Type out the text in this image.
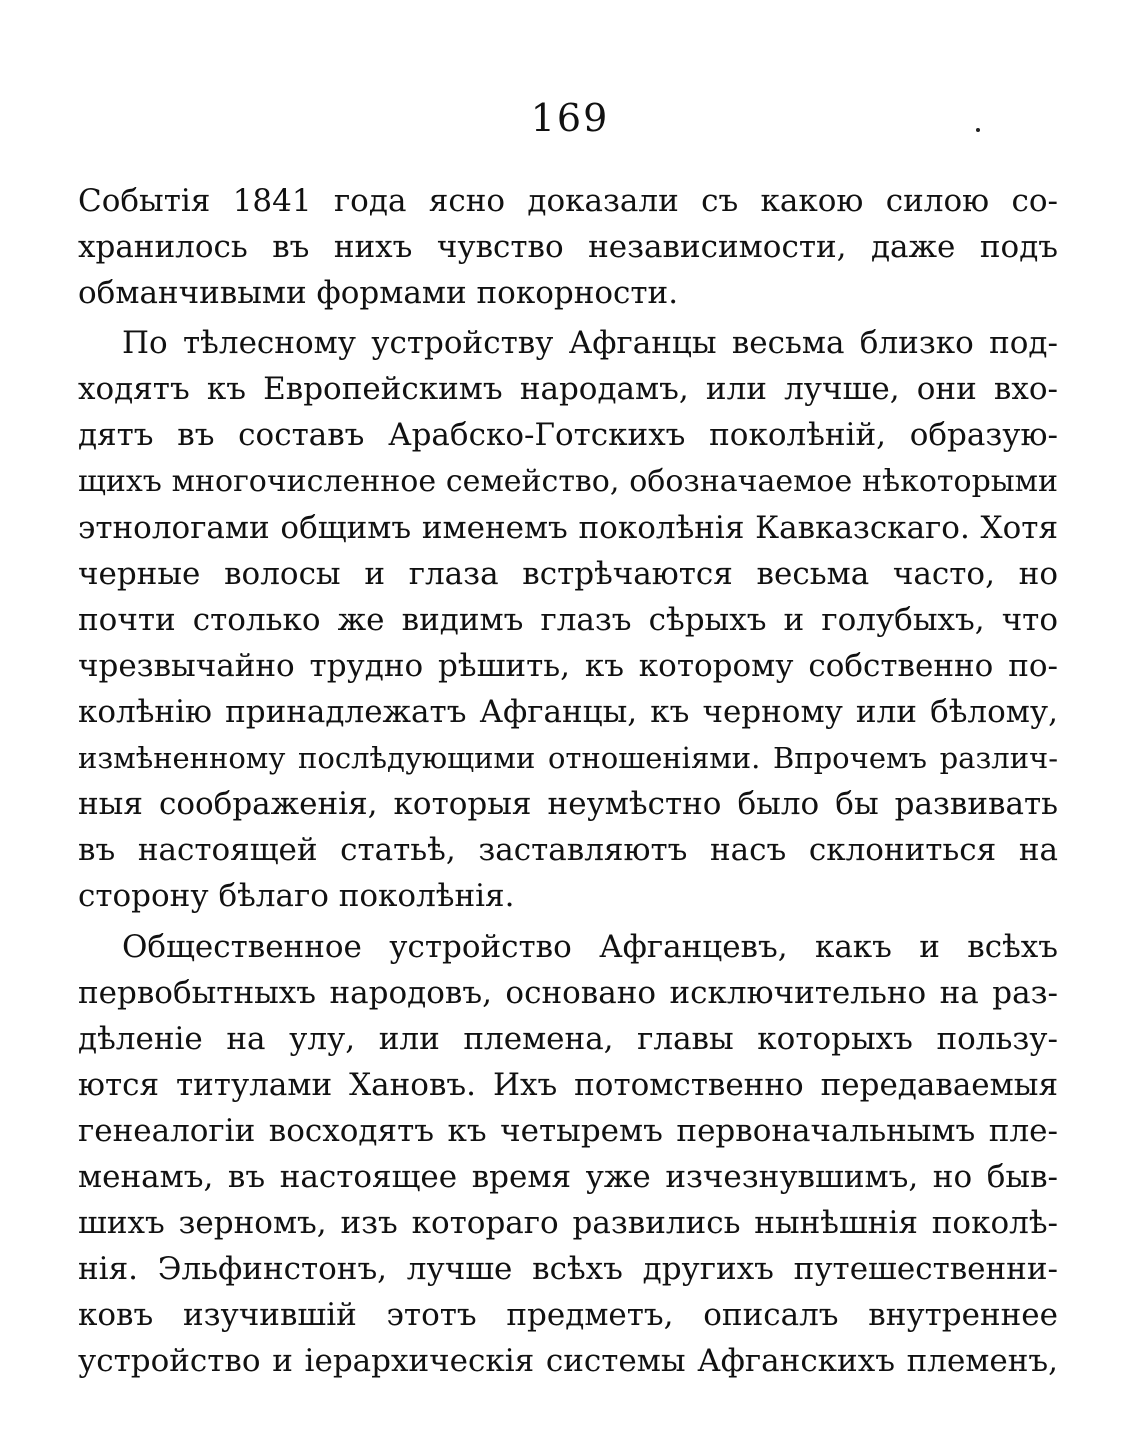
169
Событія 1841 года ясно доказали съ какою силою со-
хранилось въ нихъ чувство независимости, даже подъ
обманчивыми формами покорности.
По тѣлесному устройству Афганцы весьма близко под-
ходятъ къ Европейскимъ народамъ, или лучше, они вхо-
дятъ въ составъ Арабско-Готскихъ поколѣній, образую-
щихъ многочисленное семейство, обозначаемое нѣкоторыми
этнологами общимъ именемъ поколѣнія Кавказскаго. Хотя
черные волосы и глаза встрѣчаются весьма часто, но
почти столько же видимъ глазъ сѣрыхъ и голубыхъ, что
чрезвычайно трудно рѣшить, къ которому собственно по-
колѣнію принадлежатъ Афганцы, къ черному или бѣлому,
измѣненному послѣдующими отношеніями. Впрочемъ различ-
ныя соображенія, которыя неумѣстно было бы развивать
въ настоящей статьѣ, заставляютъ насъ склониться на
сторону бѣлаго поколѣнія.
Общественное устройство Афганцевъ, какъ и всѣхъ
первобытныхъ народовъ, основано исключительно на раз-
дѣленіе на улу, или племена, главы которыхъ пользу-
ются титулами Хановъ. Ихъ потомственно передаваемыя
генеалогіи восходятъ къ четыремъ первоначальнымъ пле-
менамъ, въ настоящее время уже изчезнувшимъ, но быв-
шихъ зерномъ, изъ котораго развились нынѣшнія поколѣ-
нія. Эльфинстонъ, лучше всѣхъ другихъ путешественни-
ковъ изучившій этотъ предметъ, описалъ внутреннее
устройство и іерархическія системы Афганскихъ племенъ,
